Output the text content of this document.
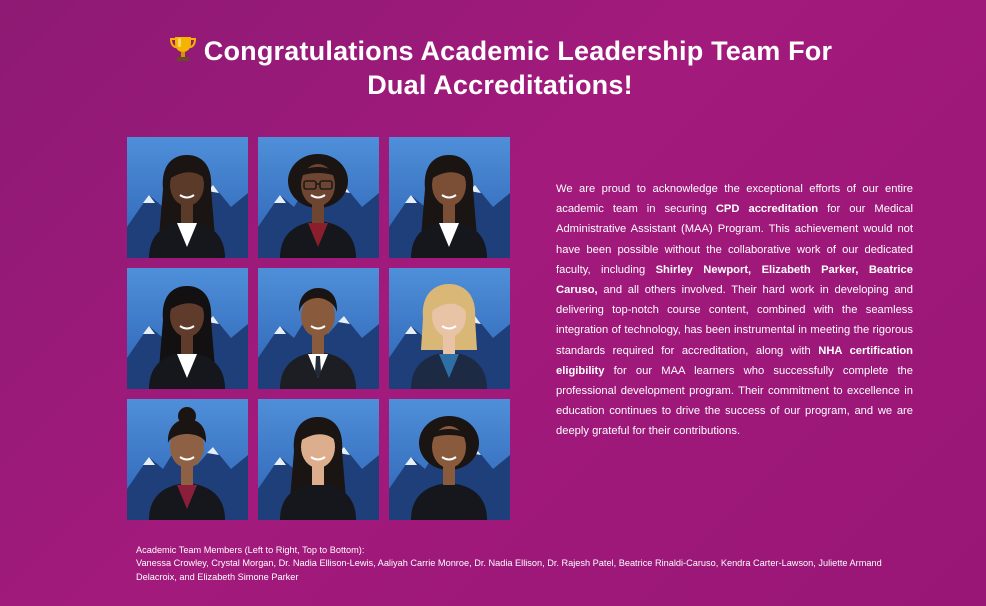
Congratulations Academic Leadership Team For
Dual Accreditations!
We are proud to acknowledge the exceptional efforts of our entire academic team in securing CPD accreditation for our Medical Administrative Assistant (MAA) Program. This achievement would not have been possible without the collaborative work of our dedicated faculty, including Shirley Newport, Elizabeth Parker, Beatrice Caruso, and all others involved. Their hard work in developing and delivering top-notch course content, combined with the seamless integration of technology, has been instrumental in meeting the rigorous standards required for accreditation, along with NHA certification eligibility for our MAA learners who successfully complete the professional development program. Their commitment to excellence in education continues to drive the success of our program, and we are deeply grateful for their contributions.
Academic Team Members (Left to Right, Top to Bottom):
Vanessa Crowley, Crystal Morgan, Dr. Nadia Ellison-Lewis, Aaliyah Carrie Monroe, Dr. Nadia Ellison, Dr. Rajesh Patel, Beatrice Rinaldi-Caruso, Kendra Carter-Lawson, Juliette Armand Delacroix, and Elizabeth Simone Parker
